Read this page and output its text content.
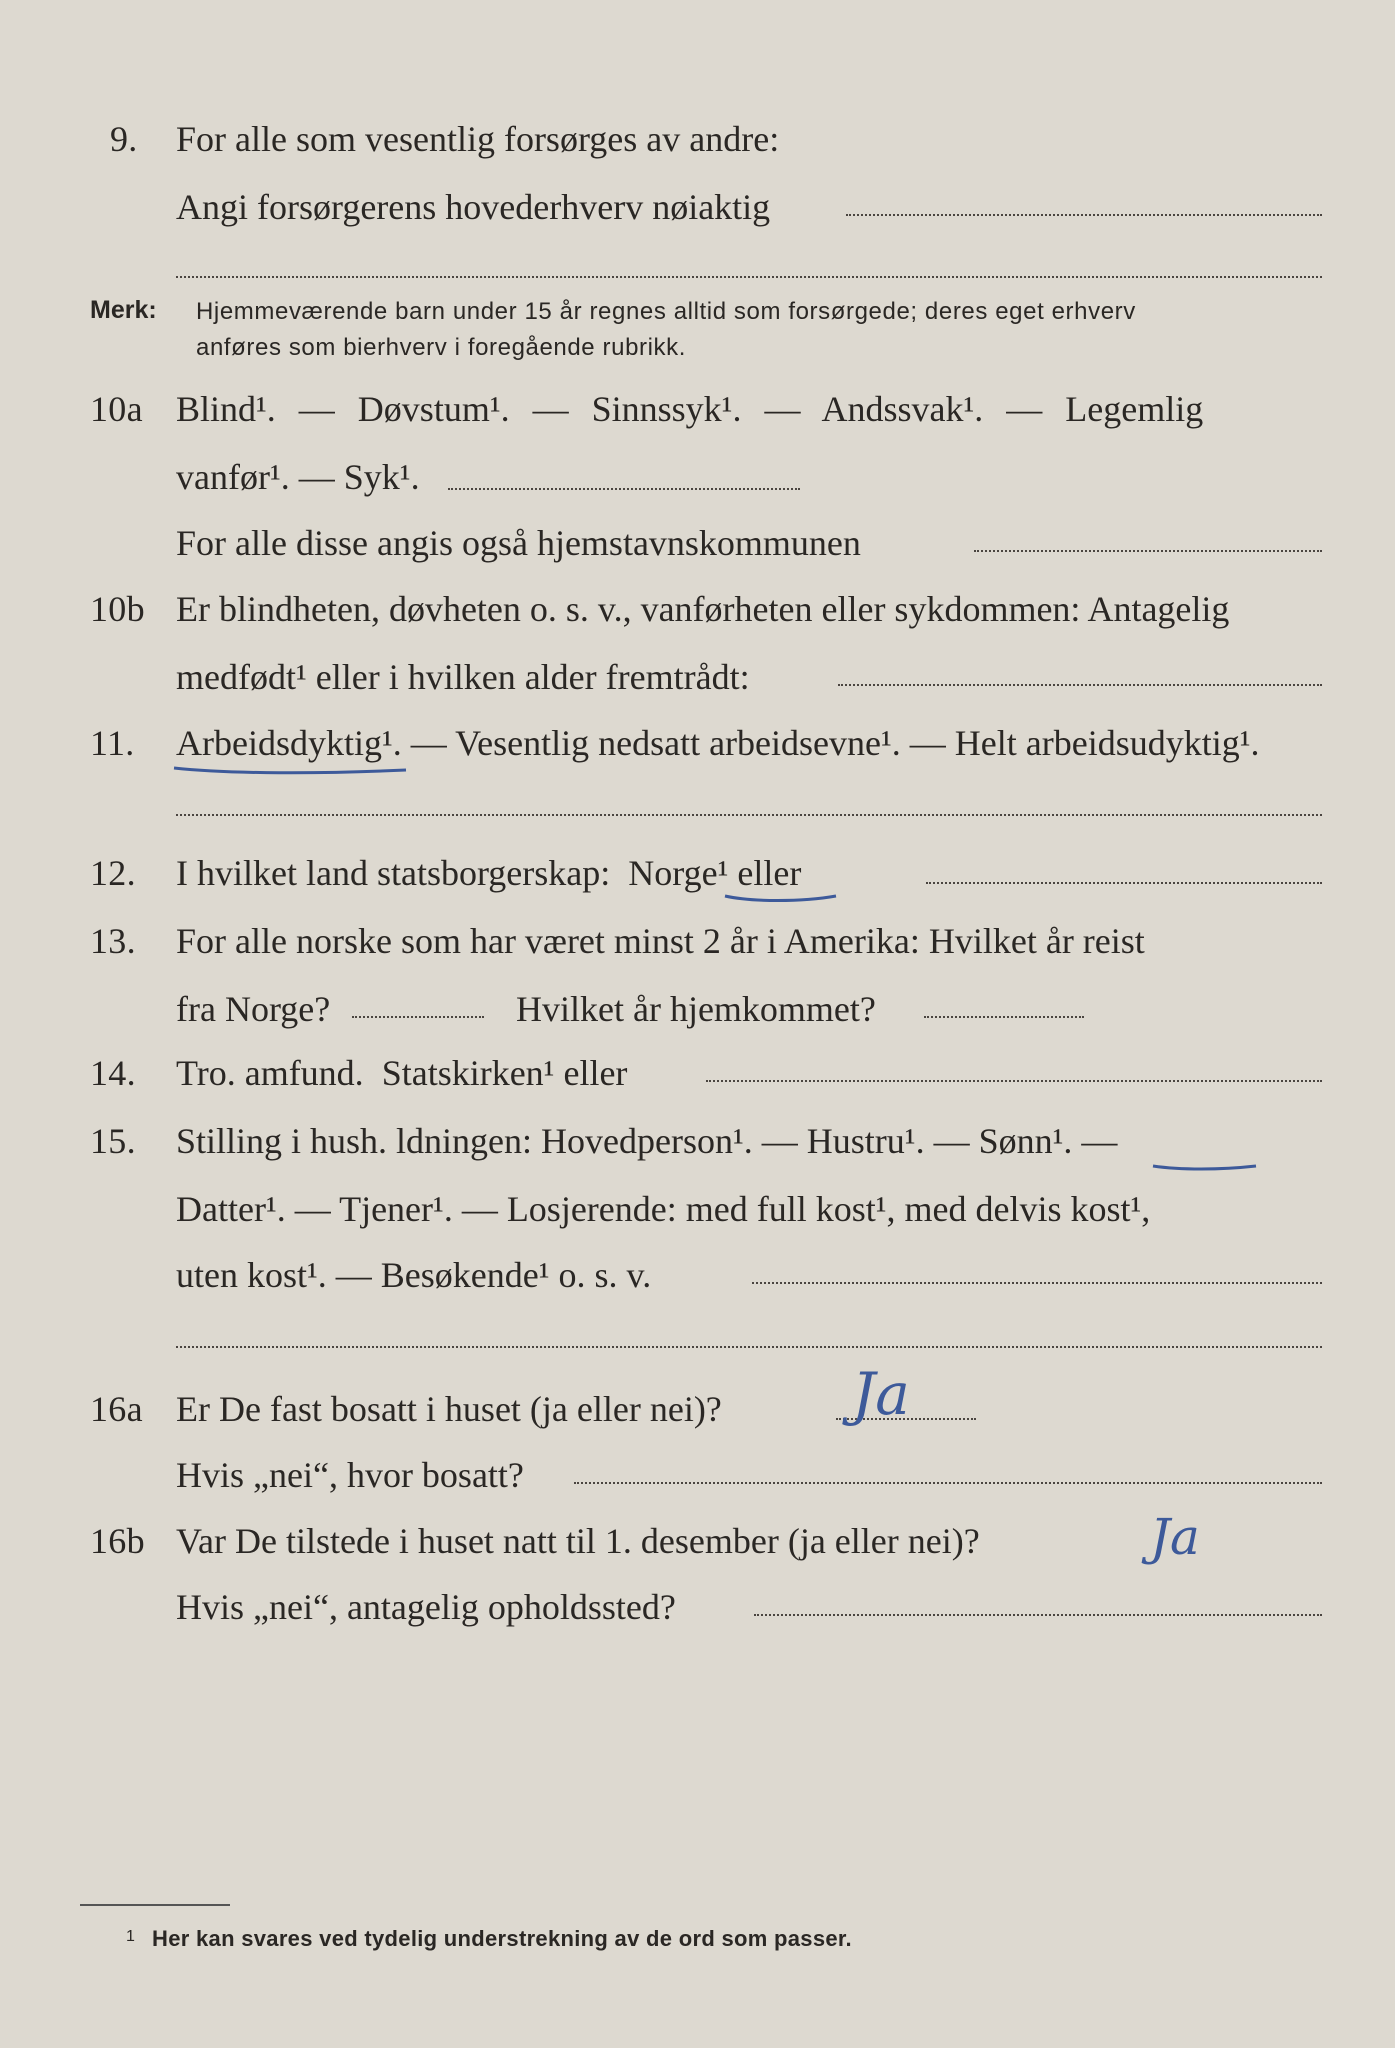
9. For alle som vesentlig forsørges av andre:
Angi forsørgerens hovederhverv nøiaktig
Merk: Hjemmeværende barn under 15 år regnes alltid som forsørgede; deres eget erhverv
anføres som bierhverv i foregående rubrikk.
10a Blind¹. — Døvstum¹. — Sinnssyk¹. — Andssvak¹. — Legemlig
vanfør¹. — Syk¹.
For alle disse angis også hjemstavnskommunen
10b Er blindheten, døvheten o. s. v., vanførheten eller sykdommen: Antagelig
medfødt¹ eller i hvilken alder fremtrådt:
11. Arbeidsdyktig¹. — Vesentlig nedsatt arbeidsevne¹. — Helt arbeidsudyktig¹.
12. I hvilket land statsborgerskap: Norge¹ eller
13. For alle norske som har været minst 2 år i Amerika: Hvilket år reist
fra Norge?	Hvilket år hjemkommet?
14. Tro. amfund. Statskirken¹ eller
15. Stilling i hush. ldningen: Hovedperson¹. — Hustru¹. — Sønn¹. —
Datter¹. — Tjener¹. — Losjerende: med full kost¹, med delvis kost¹,
uten kost¹. — Besøkende¹ o. s. v.
16a Er De fast bosatt i huset (ja eller nei)? Ja
Hvis „nei“, hvor bosatt?
16b Var De tilstede i huset natt til 1. desember (ja eller nei)?	Ja
Hvis „nei“, antagelig opholdssted?
1 Her kan svares ved tydelig understrekning av de ord som passer.
